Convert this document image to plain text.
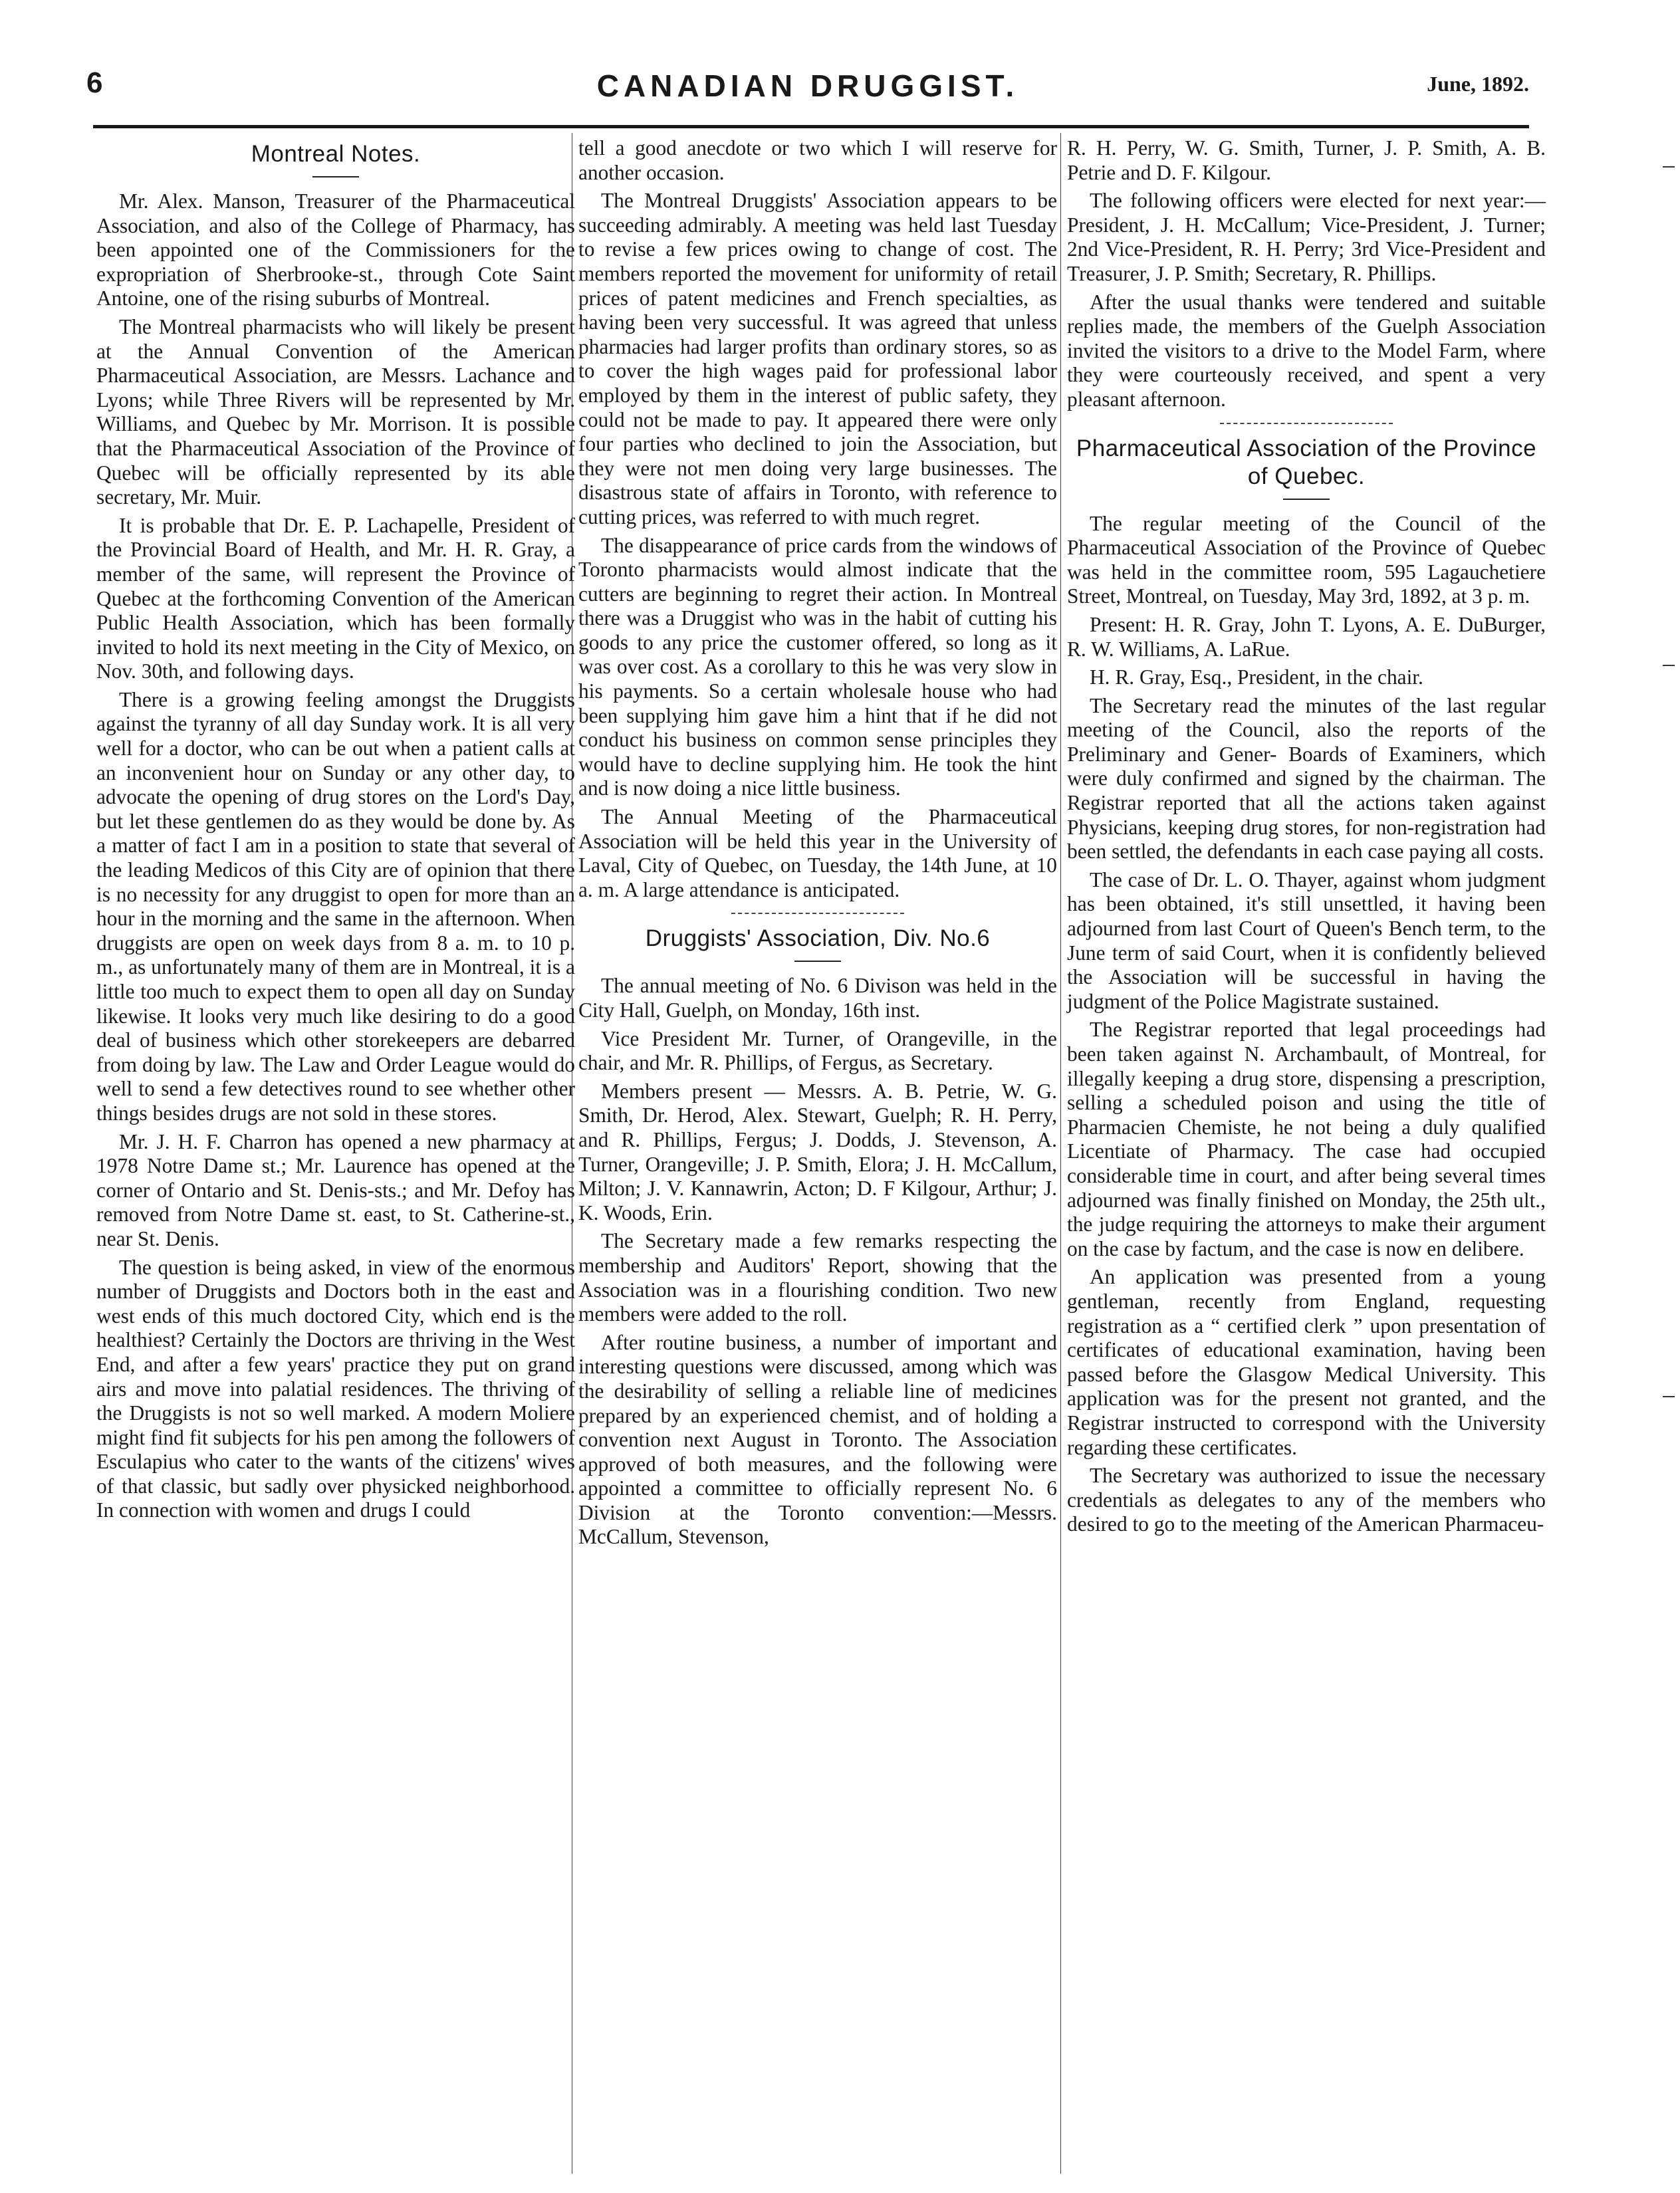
6	CANADIAN DRUGGIST.	June, 1892.
Montreal Notes.

Mr. Alex. Manson, Treasurer of the Pharmaceutical Association, and also of the College of Pharmacy, has been appointed one of the Commissioners for the expropriation of Sherbrooke-st., through Cote Saint Antoine, one of the rising suburbs of Montreal.

The Montreal pharmacists who will likely be present at the Annual Convention of the American Pharmaceutical Association, are Messrs. Lachance and Lyons; while Three Rivers will be represented by Mr. Williams, and Quebec by Mr. Morrison. It is possible that the Pharmaceutical Association of the Province of Quebec will be officially represented by its able secretary, Mr. Muir.

It is probable that Dr. E. P. Lachapelle, President of the Provincial Board of Health, and Mr. H. R. Gray, a member of the same, will represent the Province of Quebec at the forthcoming Convention of the American Public Health Association, which has been formally invited to hold its next meeting in the City of Mexico, on Nov. 30th, and following days.

There is a growing feeling amongst the Druggists against the tyranny of all day Sunday work. It is all very well for a doctor, who can be out when a patient calls at an inconvenient hour on Sunday or any other day, to advocate the opening of drug stores on the Lord's Day, but let these gentlemen do as they would be done by. As a matter of fact I am in a position to state that several of the leading Medicos of this City are of opinion that there is no necessity for any druggist to open for more than an hour in the morning and the same in the afternoon. When druggists are open on week days from 8 a. m. to 10 p. m., as unfortunately many of them are in Montreal, it is a little too much to expect them to open all day on Sunday likewise. It looks very much like desiring to do a good deal of business which other storekeepers are debarred from doing by law. The Law and Order League would do well to send a few detectives round to see whether other things besides drugs are not sold in these stores.

Mr. J. H. F. Charron has opened a new pharmacy at 1978 Notre Dame st.; Mr. Laurence has opened at the corner of Ontario and St. Denis-sts.; and Mr. Defoy has removed from Notre Dame st. east, to St. Catherine-st., near St. Denis.

The question is being asked, in view of the enormous number of Druggists and Doctors both in the east and west ends of this much doctored City, which end is the healthiest? Certainly the Doctors are thriving in the West End, and after a few years' practice they put on grand airs and move into palatial residences. The thriving of the Druggists is not so well marked. A modern Moliere might find fit subjects for his pen among the followers of Esculapius who cater to the wants of the citizens' wives of that classic, but sadly over physicked neighborhood. In connection with women and drugs I could

tell a good anecdote or two which I will reserve for another occasion.

The Montreal Druggists' Association appears to be succeeding admirably. A meeting was held last Tuesday to revise a few prices owing to change of cost. The members reported the movement for uniformity of retail prices of patent medicines and French specialties, as having been very successful. It was agreed that unless pharmacies had larger profits than ordinary stores, so as to cover the high wages paid for professional labor employed by them in the interest of public safety, they could not be made to pay. It appeared there were only four parties who declined to join the Association, but they were not men doing very large businesses. The disastrous state of affairs in Toronto, with reference to cutting prices, was referred to with much regret.

The disappearance of price cards from the windows of Toronto pharmacists would almost indicate that the cutters are beginning to regret their action. In Montreal there was a Druggist who was in the habit of cutting his goods to any price the customer offered, so long as it was over cost. As a corollary to this he was very slow in his payments. So a certain wholesale house who had been supplying him gave him a hint that if he did not conduct his business on common sense principles they would have to decline supplying him. He took the hint and is now doing a nice little business.

The Annual Meeting of the Pharmaceutical Association will be held this year in the University of Laval, City of Quebec, on Tuesday, the 14th June, at 10 a. m. A large attendance is anticipated.

Druggists' Association, Div. No.6

The annual meeting of No. 6 Divison was held in the City Hall, Guelph, on Monday, 16th inst.

Vice President Mr. Turner, of Orangeville, in the chair, and Mr. R. Phillips, of Fergus, as Secretary.

Members present — Messrs. A. B. Petrie, W. G. Smith, Dr. Herod, Alex. Stewart, Guelph; R. H. Perry, and R. Phillips, Fergus; J. Dodds, J. Stevenson, A. Turner, Orangeville; J. P. Smith, Elora; J. H. McCallum, Milton; J. V. Kannawrin, Acton; D. F Kilgour, Arthur; J. K. Woods, Erin.

The Secretary made a few remarks respecting the membership and Auditors' Report, showing that the Association was in a flourishing condition. Two new members were added to the roll.

After routine business, a number of important and interesting questions were discussed, among which was the desirability of selling a reliable line of medicines prepared by an experienced chemist, and of holding a convention next August in Toronto. The Association approved of both measures, and the following were appointed a committee to officially represent No. 6 Division at the Toronto convention:—Messrs. McCallum, Stevenson,

R. H. Perry, W. G. Smith, Turner, J. P. Smith, A. B. Petrie and D. F. Kilgour.

The following officers were elected for next year:—President, J. H. McCallum; Vice-President, J. Turner; 2nd Vice-President, R. H. Perry; 3rd Vice-President and Treasurer, J. P. Smith; Secretary, R. Phillips.

After the usual thanks were tendered and suitable replies made, the members of the Guelph Association invited the visitors to a drive to the Model Farm, where they were courteously received, and spent a very pleasant afternoon.

Pharmaceutical Association of the Province of Quebec.

The regular meeting of the Council of the Pharmaceutical Association of the Province of Quebec was held in the committee room, 595 Lagauchetiere Street, Montreal, on Tuesday, May 3rd, 1892, at 3 p. m.

Present: H. R. Gray, John T. Lyons, A. E. DuBurger, R. W. Williams, A. LaRue.

H. R. Gray, Esq., President, in the chair.

The Secretary read the minutes of the last regular meeting of the Council, also the reports of the Preliminary and Gener- Boards of Examiners, which were duly confirmed and signed by the chairman. The Registrar reported that all the actions taken against Physicians, keeping drug stores, for non-registration had been settled, the defendants in each case paying all costs.

The case of Dr. L. O. Thayer, against whom judgment has been obtained, it's still unsettled, it having been adjourned from last Court of Queen's Bench term, to the June term of said Court, when it is confidently believed the Association will be successful in having the judgment of the Police Magistrate sustained.

The Registrar reported that legal proceedings had been taken against N. Archambault, of Montreal, for illegally keeping a drug store, dispensing a prescription, selling a scheduled poison and using the title of Pharmacien Chemiste, he not being a duly qualified Licentiate of Pharmacy. The case had occupied considerable time in court, and after being several times adjourned was finally finished on Monday, the 25th ult., the judge requiring the attorneys to make their argument on the case by factum, and the case is now en delibere.

An application was presented from a young gentleman, recently from England, requesting registration as a “ certified clerk ” upon presentation of certificates of educational examination, having been passed before the Glasgow Medical University. This application was for the present not granted, and the Registrar instructed to correspond with the University regarding these certificates.

The Secretary was authorized to issue the necessary credentials as delegates to any of the members who desired to go to the meeting of the American Pharmaceu-
